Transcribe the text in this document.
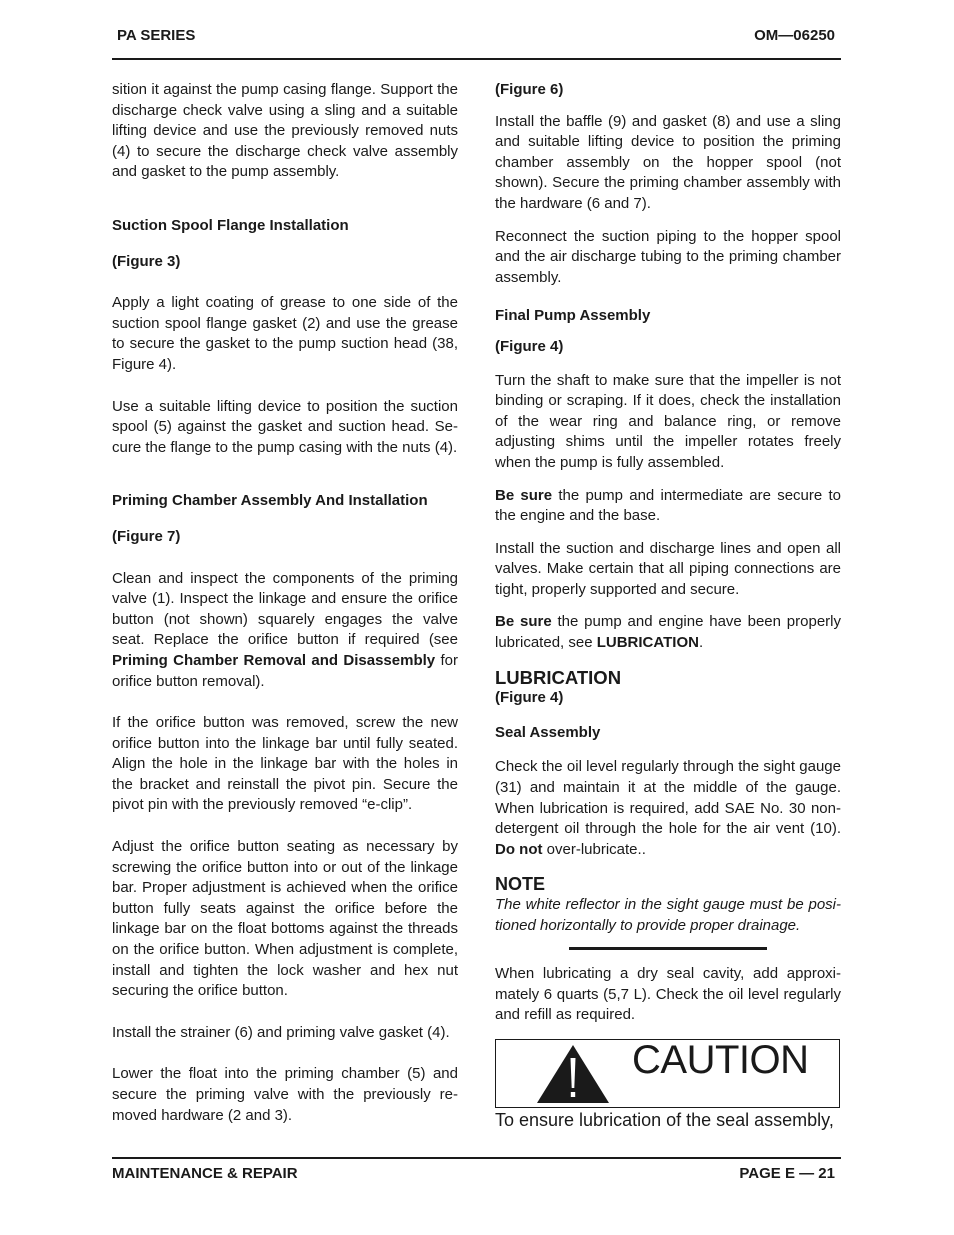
PA SERIES	OM—06250

sition it against the pump casing flange. Support the discharge check valve using a sling and a suitable lifting device and use the previously removed nuts (4) to secure the discharge check valve assembly and gasket to the pump assembly.

Suction Spool Flange Installation

(Figure 3)

Apply a light coating of grease to one side of the suction spool flange gasket (2) and use the grease to secure the gasket to the pump suction head (38, Figure 4).

Use a suitable lifting device to position the suction spool (5) against the gasket and suction head. Secure the flange to the pump casing with the nuts (4).

Priming Chamber Assembly And Installation

(Figure 7)

Clean and inspect the components of the priming valve (1). Inspect the linkage and ensure the orifice button (not shown) squarely engages the valve seat. Replace the orifice button if required (see Priming Chamber Removal and Disassembly for orifice button removal).

If the orifice button was removed, screw the new orifice button into the linkage bar until fully seated. Align the hole in the linkage bar with the holes in the bracket and reinstall the pivot pin. Secure the pivot pin with the previously removed “e-clip”.

Adjust the orifice button seating as necessary by screwing the orifice button into or out of the linkage bar. Proper adjustment is achieved when the orifice button fully seats against the orifice before the linkage bar on the float bottoms against the threads on the orifice button. When adjustment is complete, install and tighten the lock washer and hex nut securing the orifice button.

Install the strainer (6) and priming valve gasket (4).

Lower the float into the priming chamber (5) and secure the priming valve with the previously removed hardware (2 and 3).

(Figure 6)

Install the baffle (9) and gasket (8) and use a sling and suitable lifting device to position the priming chamber assembly on the hopper spool (not shown). Secure the priming chamber assembly with the hardware (6 and 7).

Reconnect the suction piping to the hopper spool and the air discharge tubing to the priming chamber assembly.

Final Pump Assembly

(Figure 4)

Turn the shaft to make sure that the impeller is not binding or scraping. If it does, check the installation of the wear ring and balance ring, or remove adjusting shims until the impeller rotates freely when the pump is fully assembled.

Be sure the pump and intermediate are secure to the engine and the base.

Install the suction and discharge lines and open all valves. Make certain that all piping connections are tight, properly supported and secure.

Be sure the pump and engine have been properly lubricated, see LUBRICATION.

LUBRICATION

(Figure 4)

Seal Assembly

Check the oil level regularly through the sight gauge (31) and maintain it at the middle of the gauge. When lubrication is required, add SAE No. 30 non-detergent oil through the hole for the air vent (10). Do not over-lubricate..

NOTE

The white reflector in the sight gauge must be positioned horizontally to provide proper drainage.

When lubricating a dry seal cavity, add approximately 6 quarts (5,7 L). Check the oil level regularly and refill as required.

CAUTION

To ensure lubrication of the seal assembly,

MAINTENANCE & REPAIR	PAGE E — 21
